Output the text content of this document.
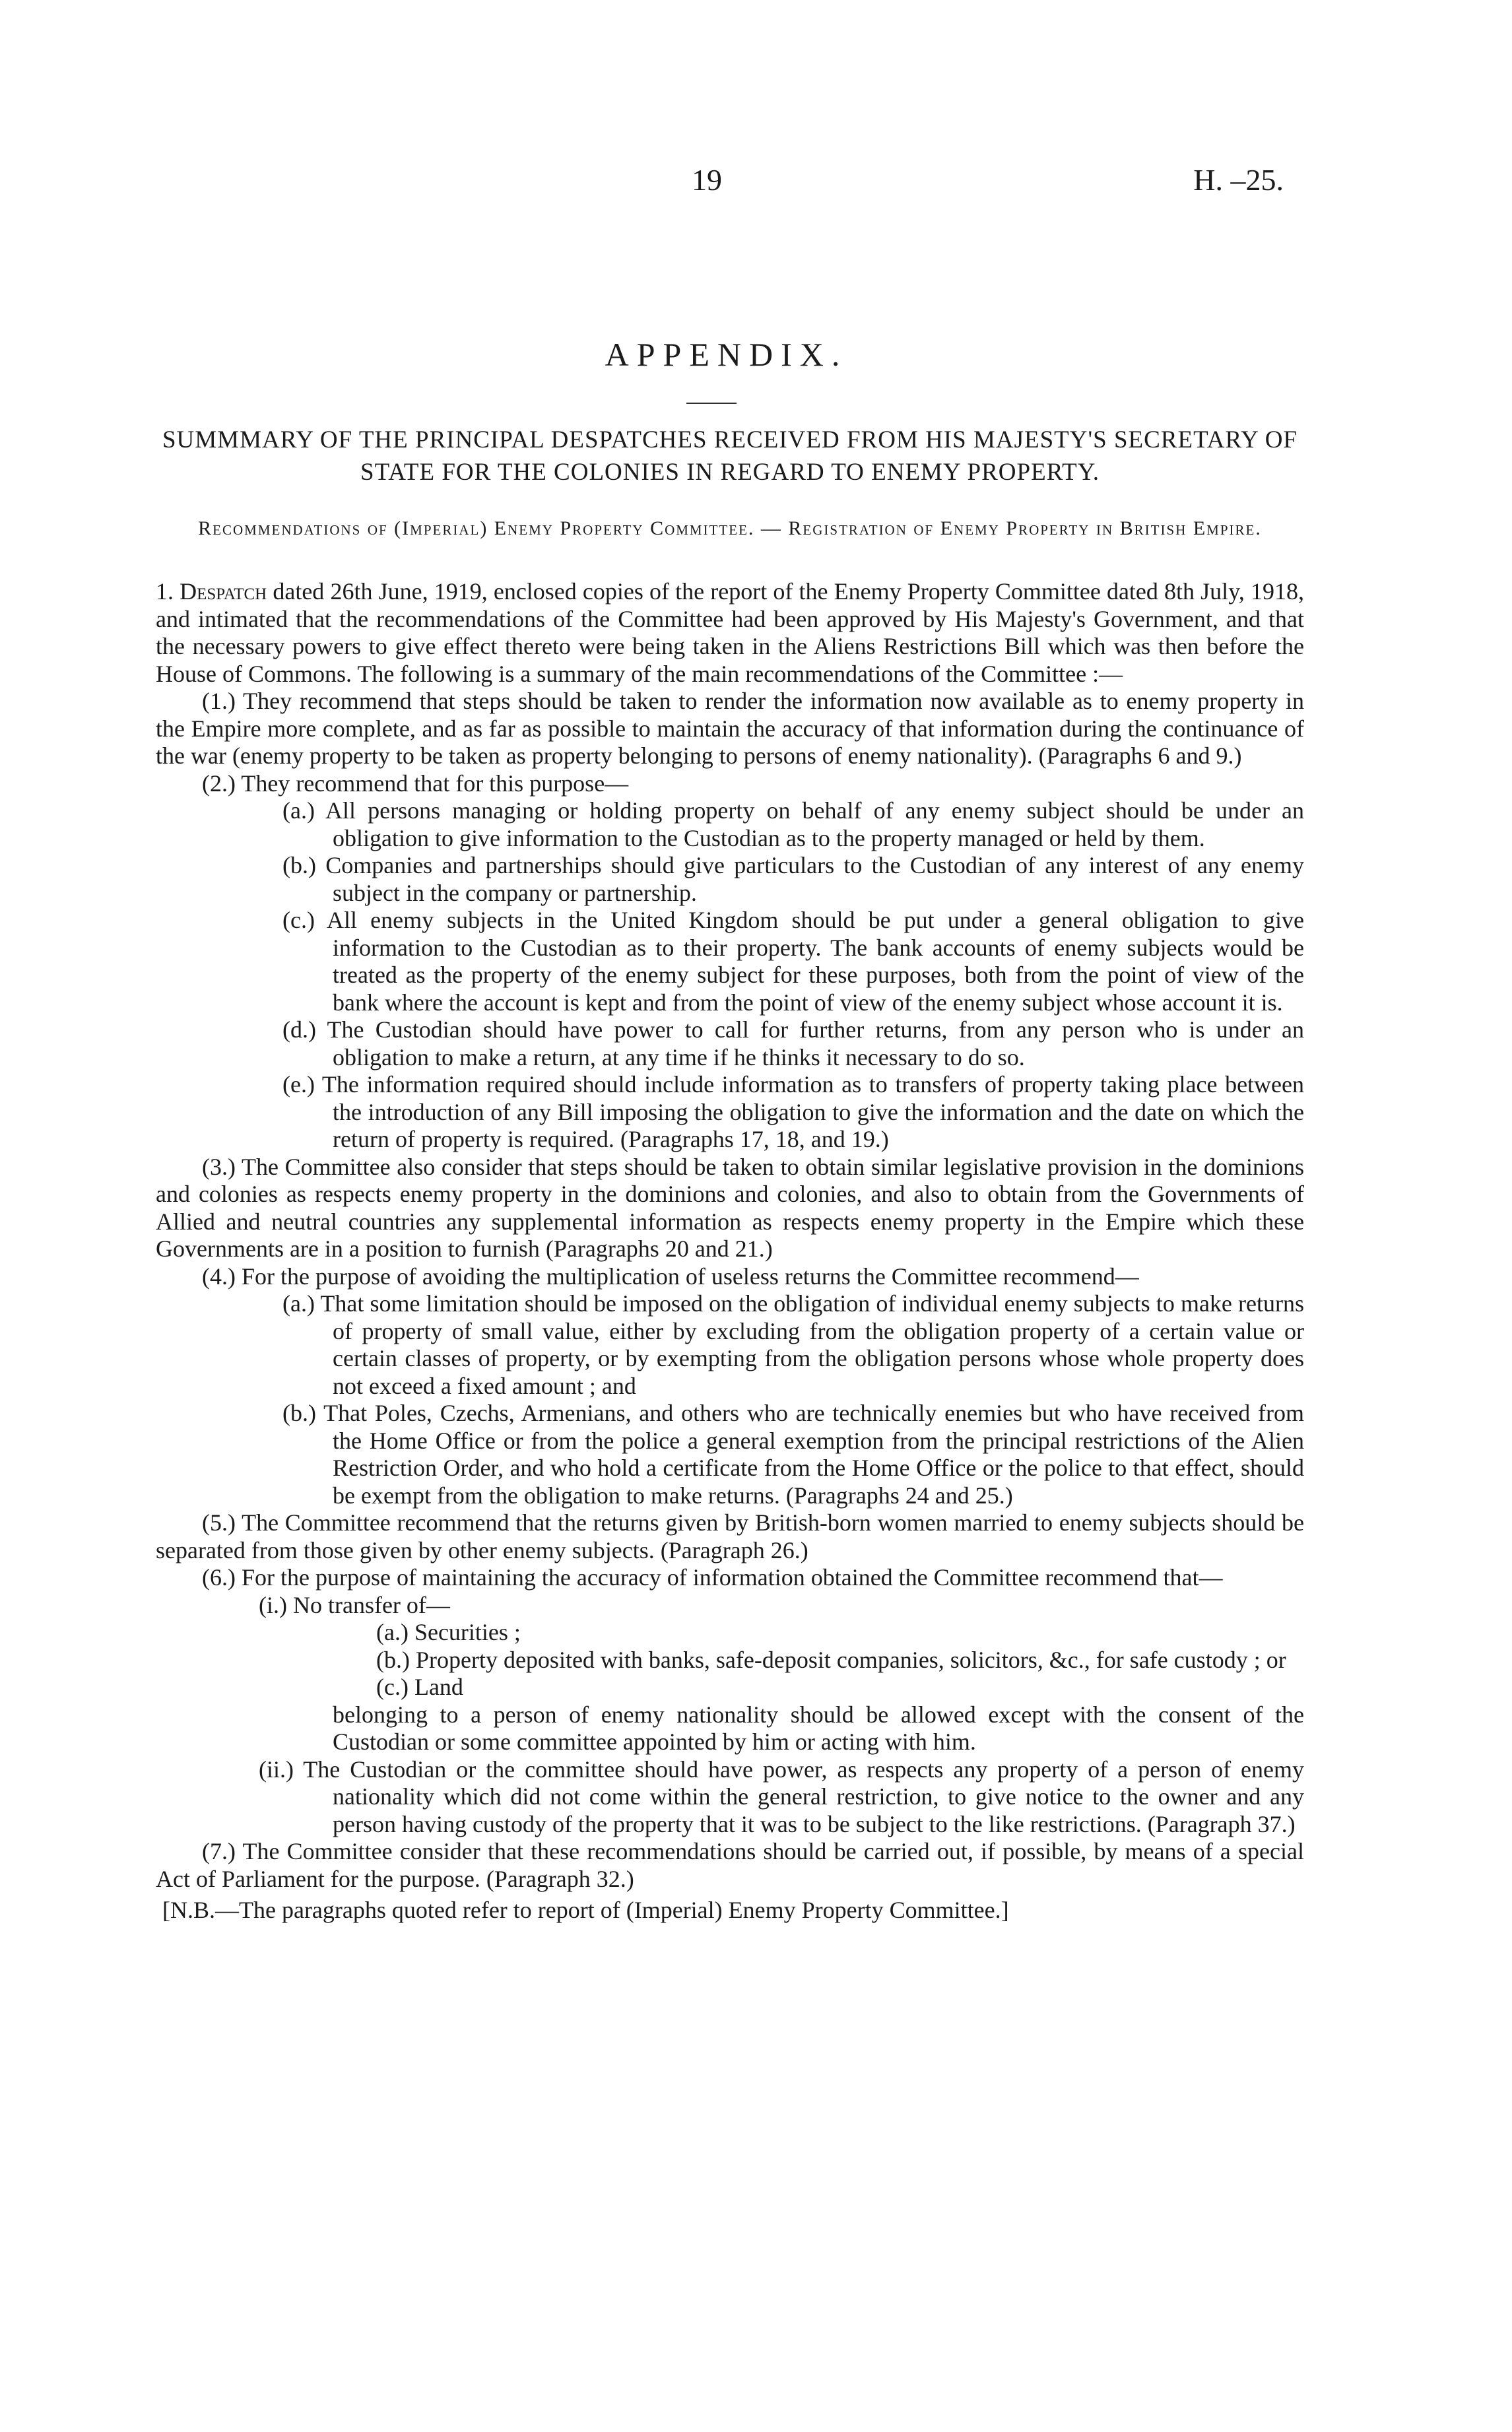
19	H. –25.
APPENDIX.
SUMMMARY OF THE PRINCIPAL DESPATCHES RECEIVED FROM HIS MAJESTY'S SECRETARY OF STATE FOR THE COLONIES IN REGARD TO ENEMY PROPERTY.
Recommendations of (Imperial) Enemy Property Committee. — Registration of Enemy Property in British Empire.

1. Despatch dated 26th June, 1919, enclosed copies of the report of the Enemy Property Committee dated 8th July, 1918, and intimated that the recommendations of the Committee had been approved by His Majesty's Government, and that the necessary powers to give effect thereto were being taken in the Aliens Restrictions Bill which was then before the House of Commons. The following is a summary of the main recommendations of the Committee :—

(1.) They recommend that steps should be taken to render the information now available as to enemy property in the Empire more complete, and as far as possible to maintain the accuracy of that information during the continuance of the war (enemy property to be taken as property belonging to persons of enemy nationality). (Paragraphs 6 and 9.)

(2.) They recommend that for this purpose—

(a.) All persons managing or holding property on behalf of any enemy subject should be under an obligation to give information to the Custodian as to the property managed or held by them.

(b.) Companies and partnerships should give particulars to the Custodian of any interest of any enemy subject in the company or partnership.

(c.) All enemy subjects in the United Kingdom should be put under a general obligation to give information to the Custodian as to their property. The bank accounts of enemy subjects would be treated as the property of the enemy subject for these purposes, both from the point of view of the bank where the account is kept and from the point of view of the enemy subject whose account it is.

(d.) The Custodian should have power to call for further returns, from any person who is under an obligation to make a return, at any time if he thinks it necessary to do so.

(e.) The information required should include information as to transfers of property taking place between the introduction of any Bill imposing the obligation to give the information and the date on which the return of property is required. (Paragraphs 17, 18, and 19.)

(3.) The Committee also consider that steps should be taken to obtain similar legislative provision in the dominions and colonies as respects enemy property in the dominions and colonies, and also to obtain from the Governments of Allied and neutral countries any supplemental information as respects enemy property in the Empire which these Governments are in a position to furnish (Paragraphs 20 and 21.)

(4.) For the purpose of avoiding the multiplication of useless returns the Committee recommend—

(a.) That some limitation should be imposed on the obligation of individual enemy subjects to make returns of property of small value, either by excluding from the obligation property of a certain value or certain classes of property, or by exempting from the obligation persons whose whole property does not exceed a fixed amount ; and

(b.) That Poles, Czechs, Armenians, and others who are technically enemies but who have received from the Home Office or from the police a general exemption from the principal restrictions of the Alien Restriction Order, and who hold a certificate from the Home Office or the police to that effect, should be exempt from the obligation to make returns. (Paragraphs 24 and 25.)

(5.) The Committee recommend that the returns given by British-born women married to enemy subjects should be separated from those given by other enemy subjects. (Paragraph 26.)

(6.) For the purpose of maintaining the accuracy of information obtained the Committee recommend that—

(i.) No transfer of—

(a.) Securities ;

(b.) Property deposited with banks, safe-deposit companies, solicitors, &c., for safe custody ; or

(c.) Land

belonging to a person of enemy nationality should be allowed except with the consent of the Custodian or some committee appointed by him or acting with him.

(ii.) The Custodian or the committee should have power, as respects any property of a person of enemy nationality which did not come within the general restriction, to give notice to the owner and any person having custody of the property that it was to be subject to the like restrictions. (Paragraph 37.)

(7.) The Committee consider that these recommendations should be carried out, if possible, by means of a special Act of Parliament for the purpose. (Paragraph 32.)

[N.B.—The paragraphs quoted refer to report of (Imperial) Enemy Property Committee.]
